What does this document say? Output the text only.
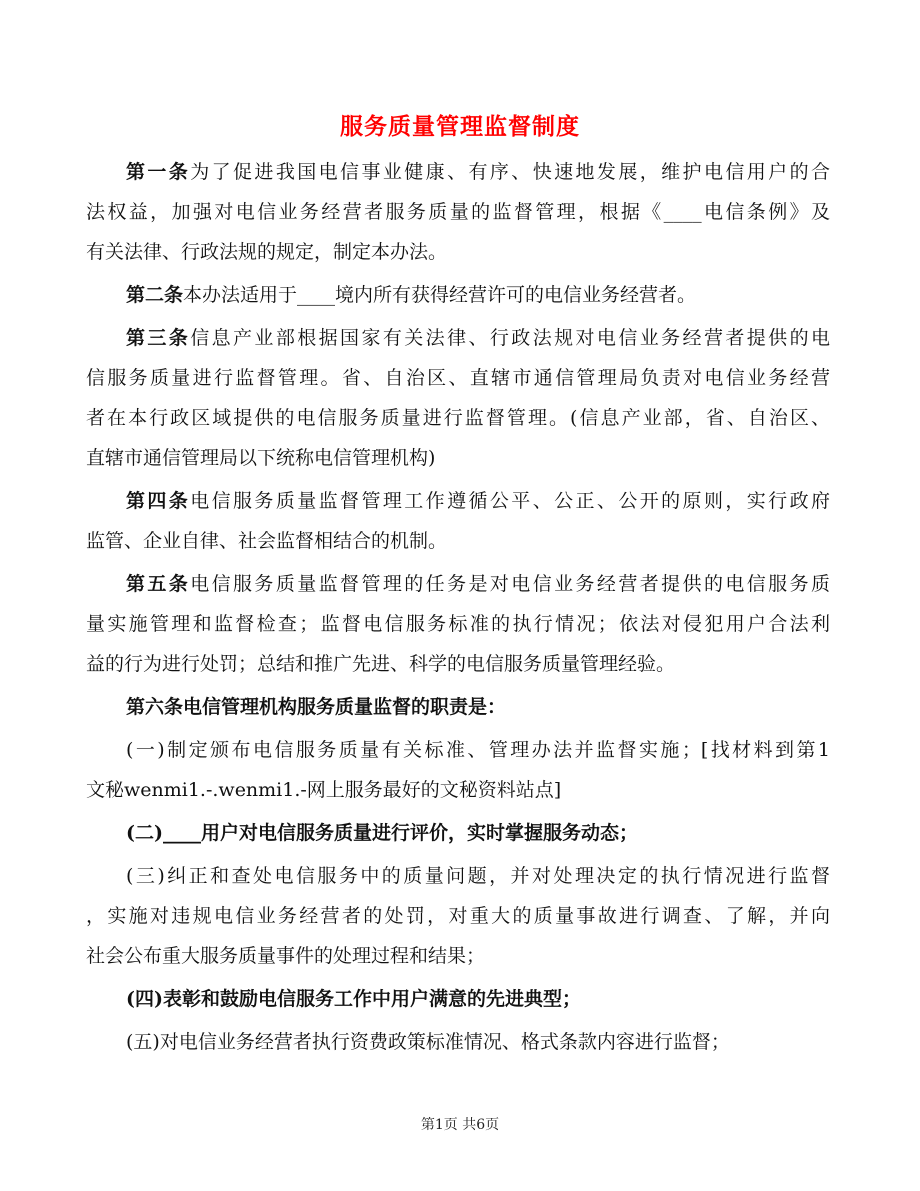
服务质量管理监督制度
第一条为了促进我国电信事业健康、有序、快速地发展，维护电信用户的合
法权益，加强对电信业务经营者服务质量的监督管理，根据《____电信条例》及
有关法律、行政法规的规定，制定本办法。
第二条本办法适用于____境内所有获得经营许可的电信业务经营者。
第三条信息产业部根据国家有关法律、行政法规对电信业务经营者提供的电
信服务质量进行监督管理。省、自治区、直辖市通信管理局负责对电信业务经营
者在本行政区域提供的电信服务质量进行监督管理。(信息产业部，省、自治区、
直辖市通信管理局以下统称电信管理机构)
第四条电信服务质量监督管理工作遵循公平、公正、公开的原则，实行政府
监管、企业自律、社会监督相结合的机制。
第五条电信服务质量监督管理的任务是对电信业务经营者提供的电信服务质
量实施管理和监督检查；监督电信服务标准的执行情况；依法对侵犯用户合法利
益的行为进行处罚；总结和推广先进、科学的电信服务质量管理经验。
第六条电信管理机构服务质量监督的职责是：
(一)制定颁布电信服务质量有关标准、管理办法并监督实施；[找材料到第1
文秘wenmi1.-.wenmi1.-网上服务最好的文秘资料站点]
(二)____用户对电信服务质量进行评价，实时掌握服务动态；
(三)纠正和查处电信服务中的质量问题，并对处理决定的执行情况进行监督
，实施对违规电信业务经营者的处罚，对重大的质量事故进行调查、了解，并向
社会公布重大服务质量事件的处理过程和结果；
(四)表彰和鼓励电信服务工作中用户满意的先进典型；
(五)对电信业务经营者执行资费政策标准情况、格式条款内容进行监督；
第1页 共6页
